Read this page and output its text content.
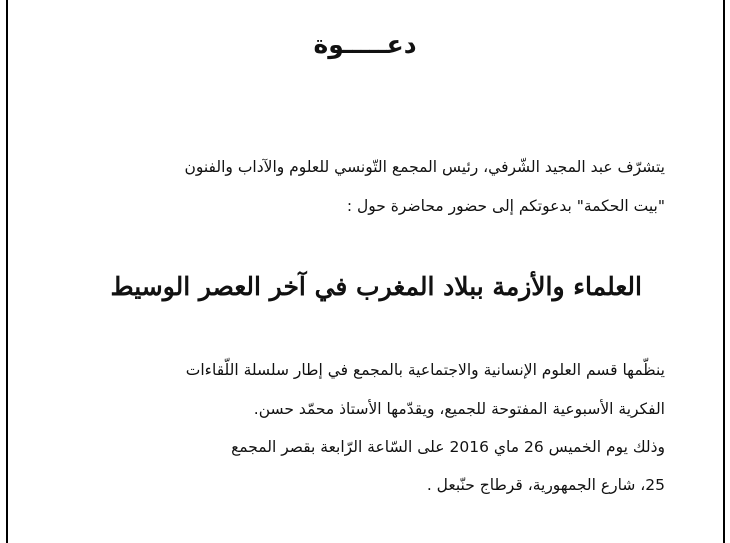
دعـــــوة
يتشرّف عبد المجيد الشّرفي، رئيس المجمع التّونسي للعلوم والآداب والفنون
"بيت الحكمة" بدعوتكم إلى حضور محاضرة حول :
العلماء والأزمة ببلاد المغرب في آخر العصر الوسيط
ينظّمها قسم العلوم الإنسانية والاجتماعية بالمجمع في إطار سلسلة اللّقاءات
الفكرية الأسبوعية المفتوحة للجميع، ويقدّمها الأستاذ محمّد حسن.
وذلك يوم الخميس 26 ماي 2016 على السّاعة الرّابعة بقصر المجمع
25، شارع الجمهورية، قرطاج حنّبعل .
